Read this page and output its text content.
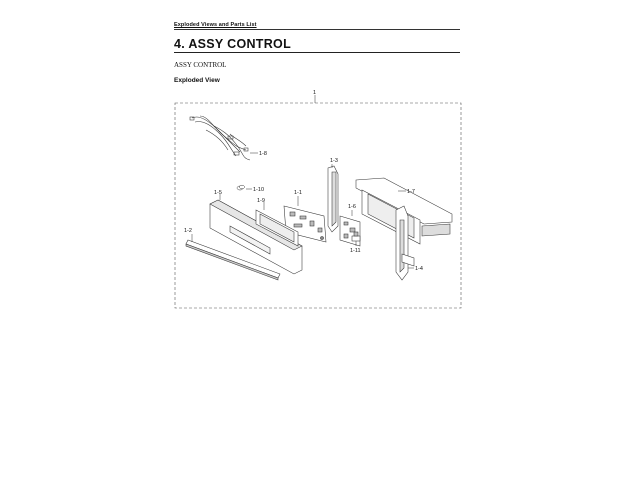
Exploded Views and Parts List
4. ASSY CONTROL
ASSY CONTROL
Exploded View
1
1-8
1-3
1-10	1-1	1-7
1-5
1-9
1-6
1-2
1-11
1-4
